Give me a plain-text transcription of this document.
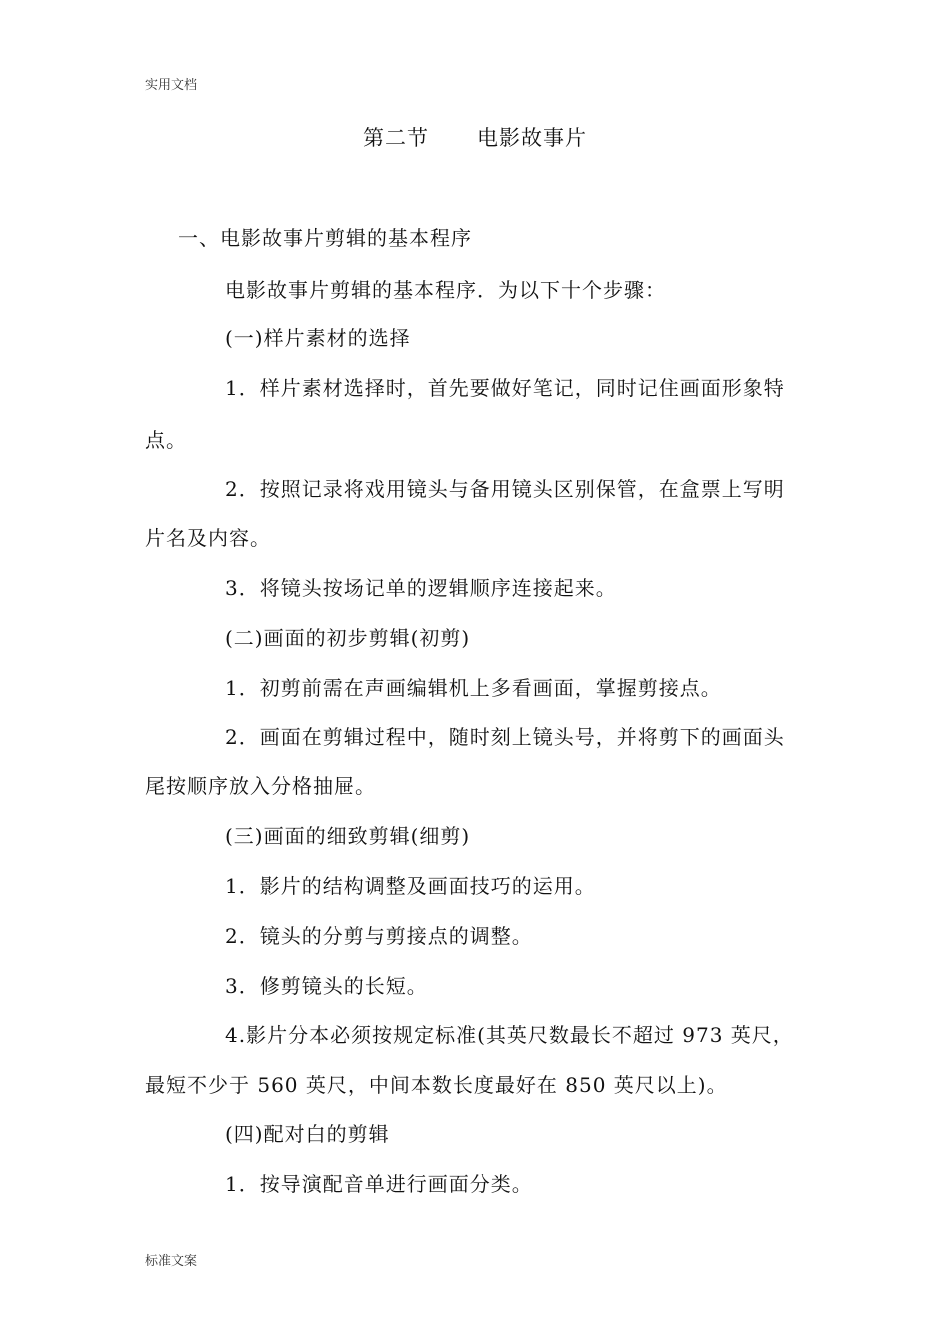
实用文档
第二节 电影故事片
一、电影故事片剪辑的基本程序
电影故事片剪辑的基本程序．为以下十个步骤：
(一)样片素材的选择
1．样片素材选择时，首先要做好笔记，同时记住画面形象特
点。
2．按照记录将戏用镜头与备用镜头区别保管，在盒票上写明
片名及内容。
3．将镜头按场记单的逻辑顺序连接起来。
(二)画面的初步剪辑(初剪)
1．初剪前需在声画编辑机上多看画面，掌握剪接点。
2．画面在剪辑过程中，随时刻上镜头号，并将剪下的画面头
尾按顺序放入分格抽屉。
(三)画面的细致剪辑(细剪)
1．影片的结构调整及画面技巧的运用。
2．镜头的分剪与剪接点的调整。
3．修剪镜头的长短。
4.影片分本必须按规定标准(其英尺数最长不超过 973 英尺，
最短不少于 560 英尺，中间本数长度最好在 850 英尺以上)。
(四)配对白的剪辑
1．按导演配音单进行画面分类。
标准文案
